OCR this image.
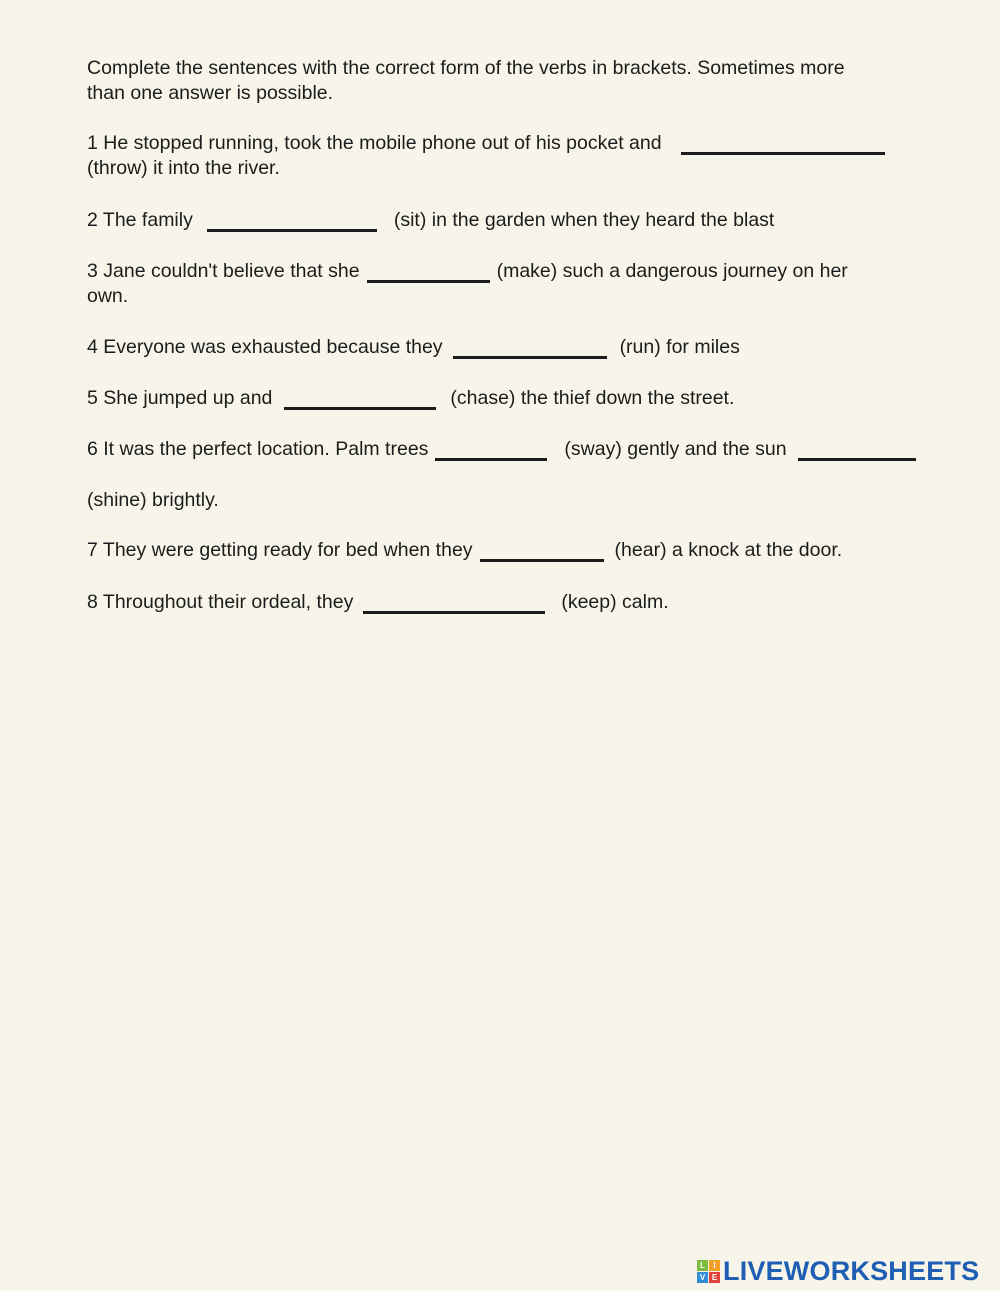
Complete the sentences with the correct form of the verbs in brackets. Sometimes more
than one answer is possible.
1 He stopped running, took the mobile phone out of his pocket and
(throw) it into the river.
2 The family	(sit) in the garden when they heard the blast
3 Jane couldn't believe that she	(make) such a dangerous journey on her
own.
4 Everyone was exhausted because they	(run) for miles
5 She jumped up and	(chase) the thief down the street.
6 It was the perfect location. Palm trees	(sway) gently and the sun
(shine) brightly.
7 They were getting ready for bed when they	(hear) a knock at the door.
8 Throughout their ordeal, they	(keep) calm.
L	I
V E LIVEWORKSHEETS
